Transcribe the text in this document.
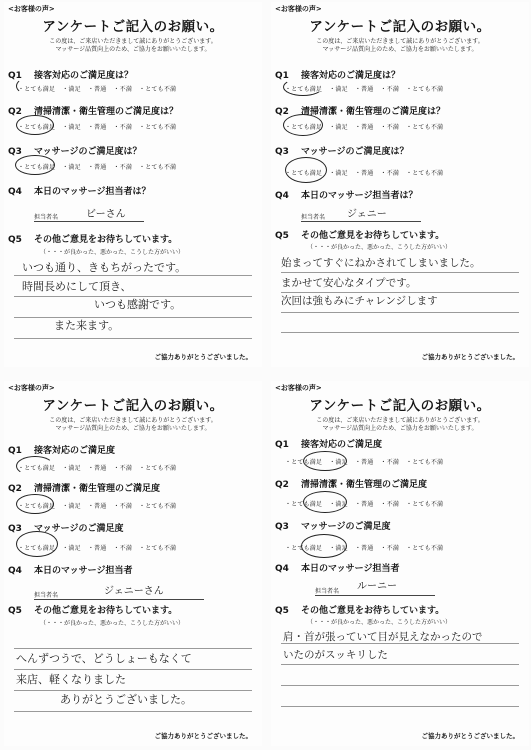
<お客様の声>
アンケートご記入のお願い。
この度は、ご来店いただきまして誠にありがとうございます。
マッサージ品質向上のため、ご協力をお願いいたします。
Q1 接客対応のご満足度は？
・とても満足 ・満足 ・普通 ・不満 ・とても不満
Q2 清掃清潔・衛生管理のご満足度は？
・とても満足 ・満足 ・普通 ・不満 ・とても不満
Q3 マッサージのご満足度は？
・とても満足 ・満足 ・普通 ・不満 ・とても不満
Q4 本日のマッサージ担当者は？
担当者名	ビーさん
Q5 その他ご意見をお待ちしています。
（・・・が良かった、悪かった、こうした方がいい）
いつも通り、きもちがったです。
時間長めにして頂き、
いつも感謝です。
また来ます。
ご協力ありがとうございました。
<お客様の声>
アンケートご記入のお願い。
この度は、ご来店いただきまして誠にありがとうございます。
マッサージ品質向上のため、ご協力をお願いいたします。
Q1 接客対応のご満足度は？
・とても満足 ・満足 ・普通 ・不満 ・とても不満
Q2 清掃清潔・衛生管理のご満足度は？
・とても満足 ・満足 ・普通 ・不満 ・とても不満
Q3 マッサージのご満足度は？
・とても満足 ・満足 ・普通 ・不満 ・とても不満
Q4 本日のマッサージ担当者は？
担当者名 ジェニー
Q5 その他ご意見をお待ちしています。
（・・・が良かった、悪かった、こうした方がいい）
始まってすぐにねかされてしまいました。
まかせて安心なタイプです。
次回は強もみにチャレンジします
ご協力ありがとうございました。
<お客様の声>
アンケートご記入のお願い。
この度は、ご来店いただきまして誠にありがとうございます。
マッサージ品質向上のため、ご協力をお願いいたします。
Q1 接客対応のご満足度
・とても満足 ・満足 ・普通 ・不満 ・とても不満
Q2 清掃清潔・衛生管理のご満足度
・とても満足 ・満足 ・普通 ・不満 ・とても不満
Q3 マッサージのご満足度
・とても満足 ・満足 ・普通 ・不満 ・とても不満
Q4 本日のマッサージ担当者
担当者名	ジェニーさん
Q5 その他ご意見をお待ちしています。
（・・・が良かった、悪かった、こうした方がいい）
へんずつうで、どうしょーもなくて
来店、軽くなりました
ありがとうございました。
ご協力ありがとうございました。
<お客様の声>
アンケートご記入のお願い。
この度は、ご来店いただきまして誠にありがとうございます。
マッサージ品質向上のため、ご協力をお願いいたします。
Q1 接客対応のご満足度
・とても満足 ・満足 ・普通 ・不満 ・とても不満
Q2 清掃清潔・衛生管理のご満足度
・とても満足 ・満足 ・普通 ・不満 ・とても不満
Q3 マッサージのご満足度
・とても満足 ・満足 ・普通 ・不満 ・とても不満
Q4 本日のマッサージ担当者
担当者名 ルーニー
Q5 その他ご意見をお待ちしています。
（・・・が良かった、悪かった、こうした方がいい）
肩・首が張っていて目が見えなかったので
いたのがスッキリした
ご協力ありがとうございました。
